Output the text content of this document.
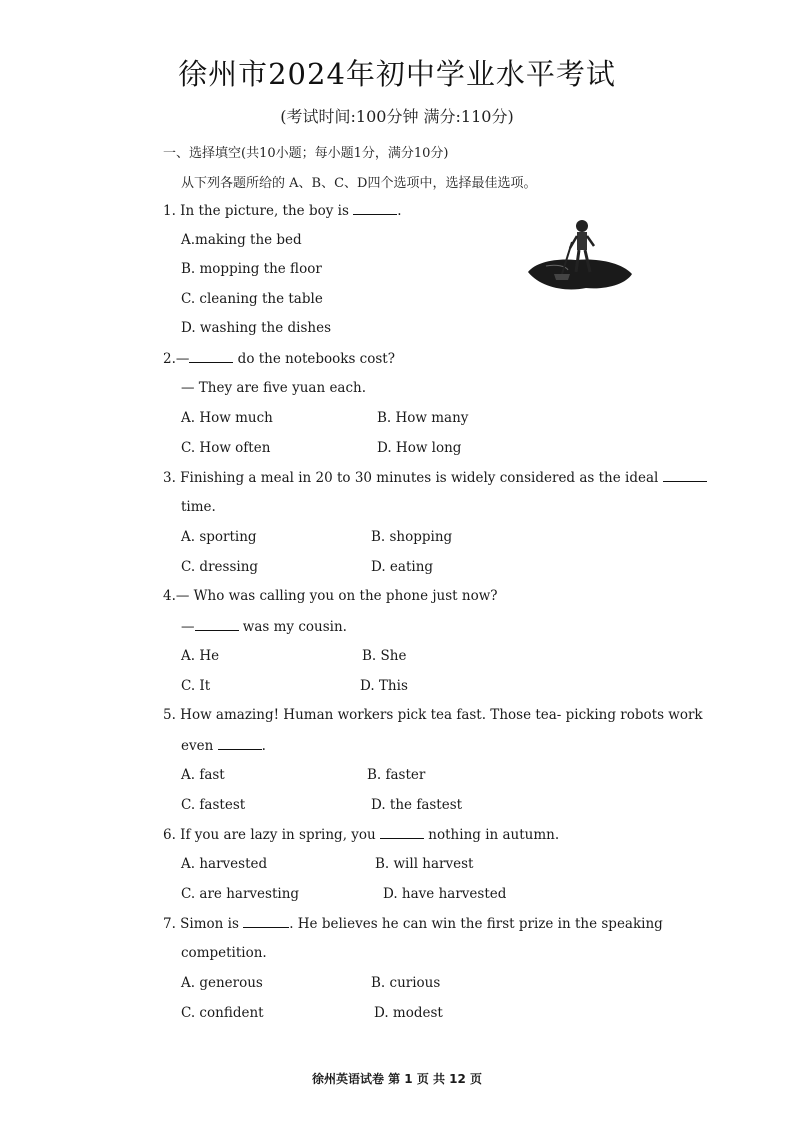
徐州市2024年初中学业水平考试
(考试时间:100分钟 满分:110分)
一、选择填空(共10小题；每小题1分，满分10分)
从下列各题所给的 A、B、C、D四个选项中，选择最佳选项。
1. In the picture, the boy is	.
A.making the bed
B. mopping the floor
C. cleaning the table
D. washing the dishes
2.—	do the notebooks cost?
— They are five yuan each.
A. How much	B. How many
C. How often	D. How long
3. Finishing a meal in 20 to 30 minutes is widely considered as the ideal
time.
A. sporting	B. shopping
C. dressing	D. eating
4.— Who was calling you on the phone just now?
—	was my cousin.
A. He	B. She
C. It	D. This
5. How amazing! Human workers pick tea fast. Those tea- picking robots work
even	.
A. fast	B. faster
C. fastest	D. the fastest
6. If you are lazy in spring, you	nothing in autumn.
A. harvested	B. will harvest
C. are harvesting	D. have harvested
7. Simon is	. He believes he can win the first prize in the speaking
competition.
A. generous	B. curious
C. confident	D. modest
徐州英语试卷 第 1 页 共 12 页
